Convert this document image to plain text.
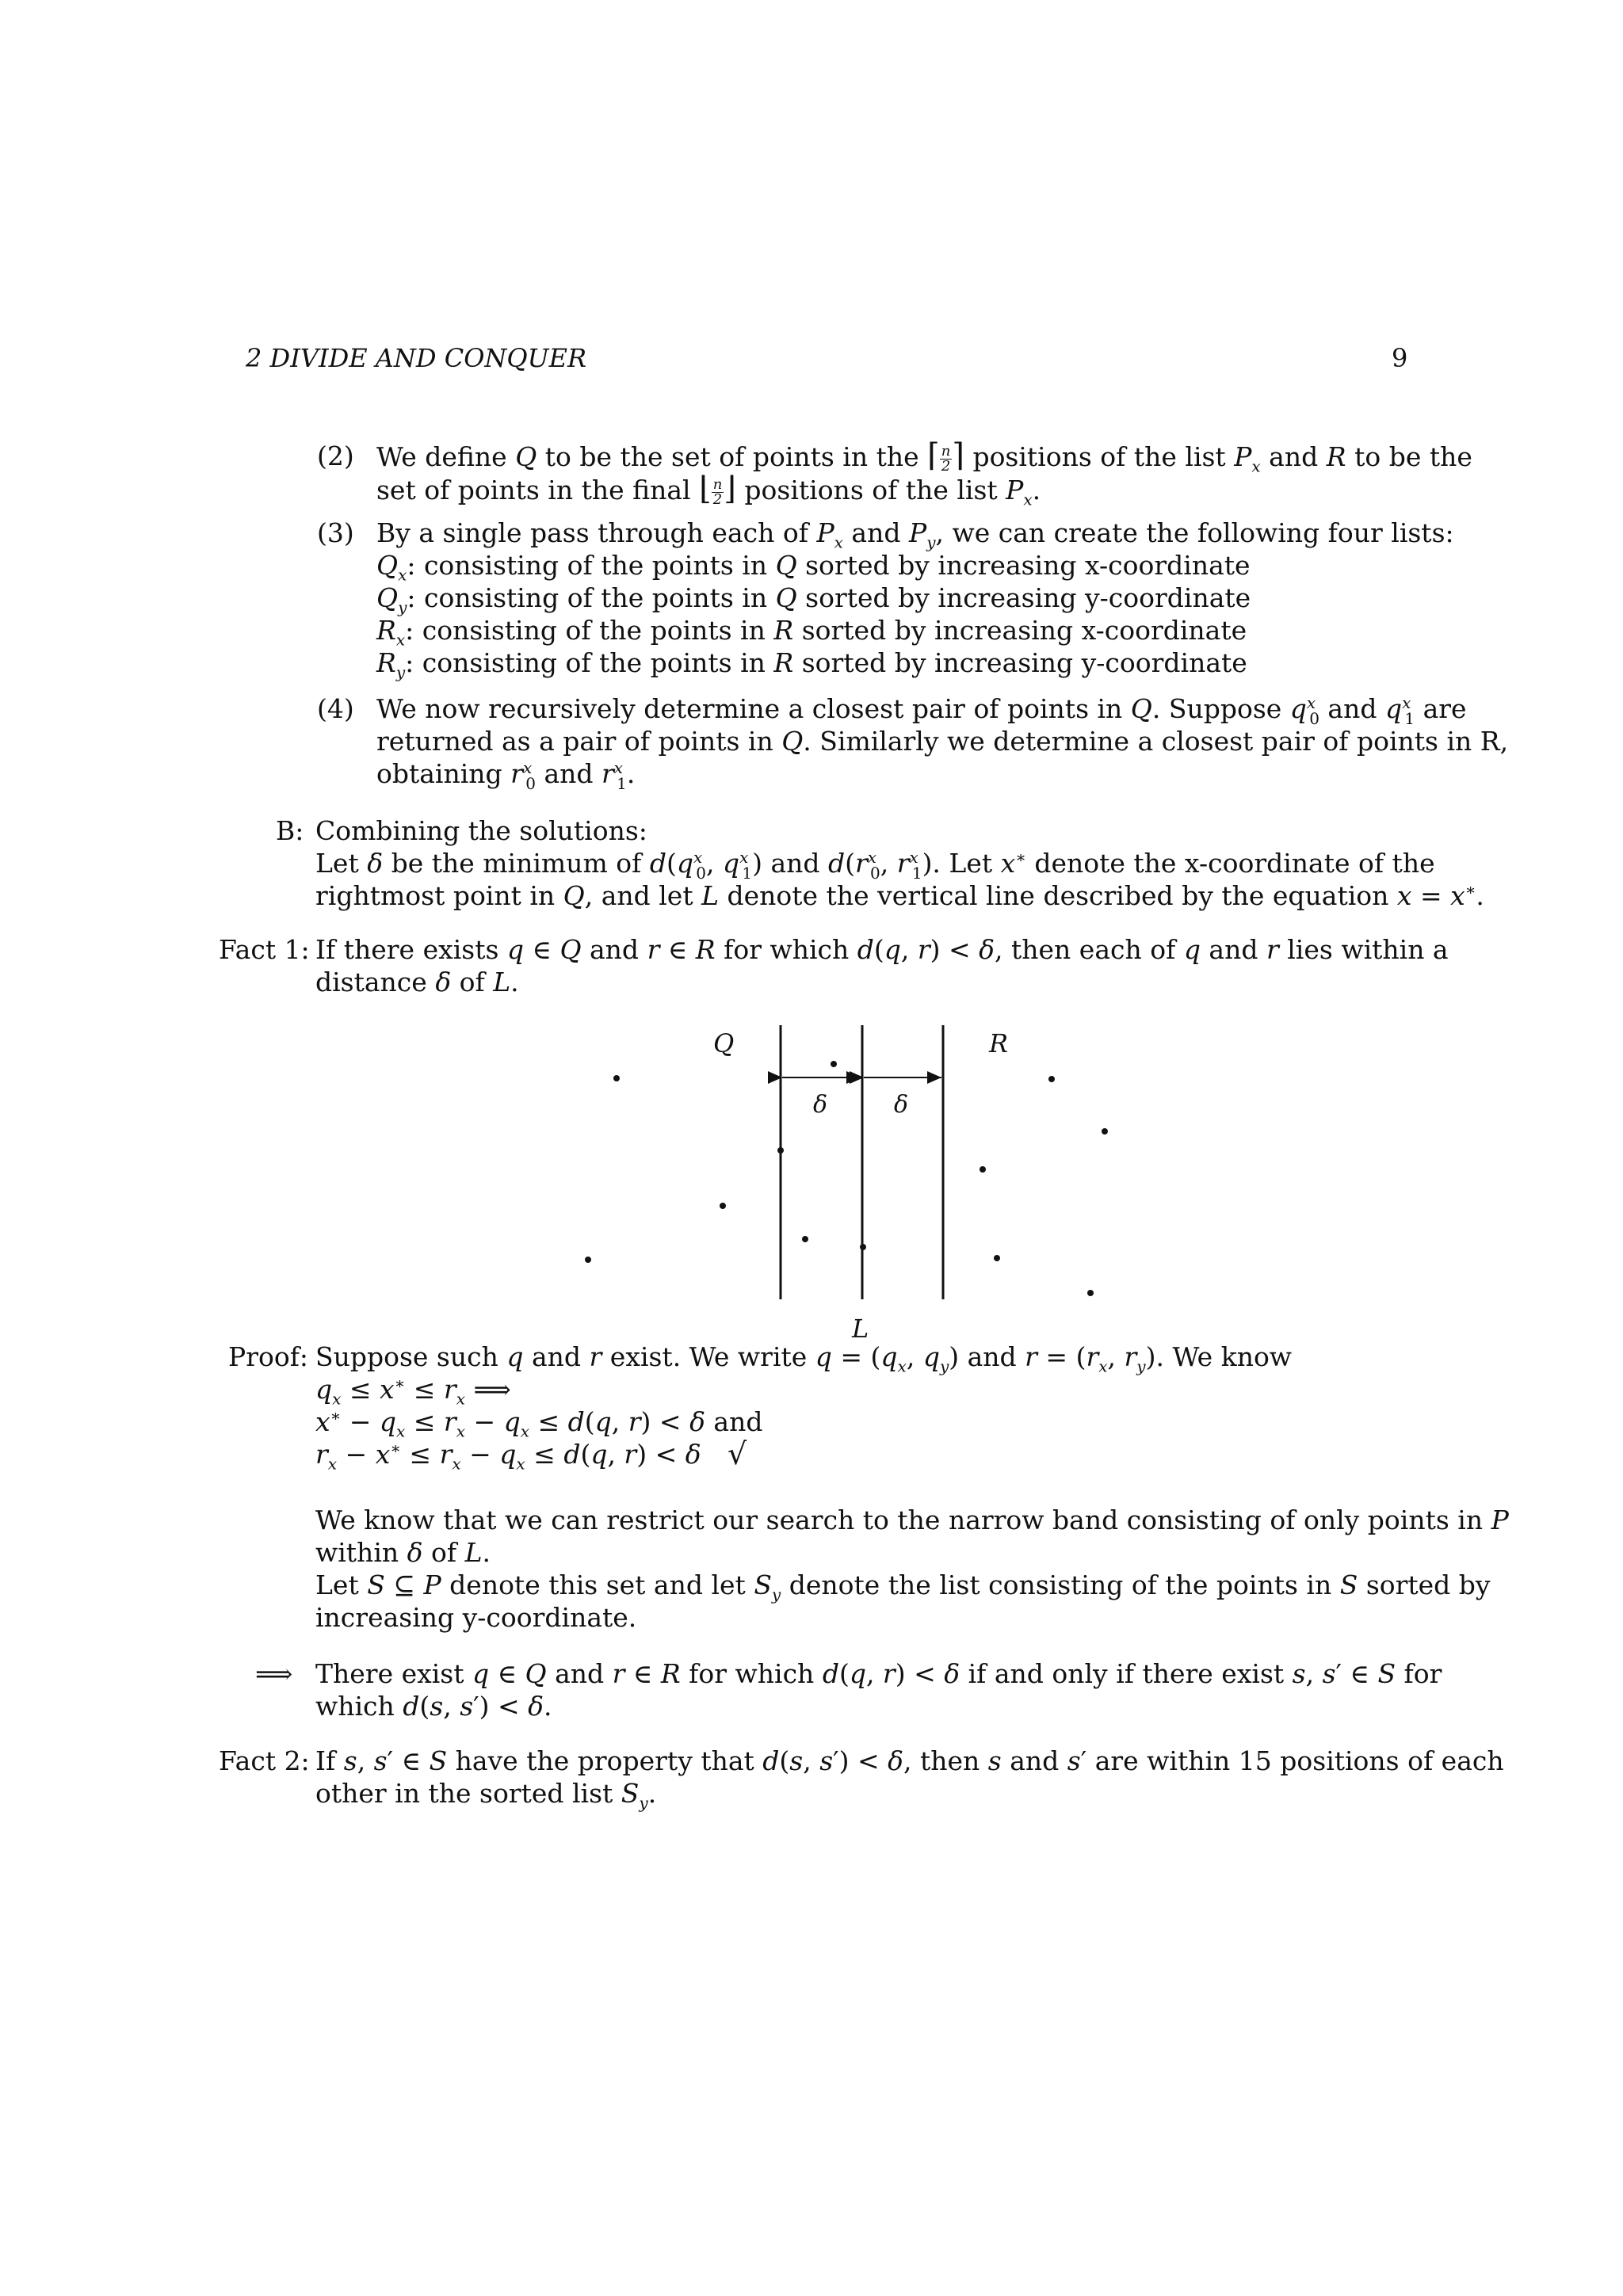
2 DIVIDE AND CONQUER	9
(2) We define Q to be the set of points in the ⌈ $\frac{n}{2}$ ⌉ positions of the list $P_x$ and R to be the
set of points in the final ⌊ $\frac{n}{2}$ ⌋ positions of the list $P_x$.
(3) By a single pass through each of $P_x$ and $P_y$, we can create the following four lists:
$Q_x$: consisting of the points in Q sorted by increasing x-coordinate
$Q_y$: consisting of the points in Q sorted by increasing y-coordinate
$R_x$: consisting of the points in R sorted by increasing x-coordinate
$R_y$: consisting of the points in R sorted by increasing y-coordinate
(4) We now recursively determine a closest pair of points in Q. Suppose $q^x_0$ and $q^x_1$ are
returned as a pair of points in Q. Similarly we determine a closest pair of points in R,
obtaining $r^x_0$ and $r^x_1$.
B: Combining the solutions:
Let δ be the minimum of $d(q^x_0$, $q^x_1$) and $d(r^x_0$, $r^x_1$). Let x∗ denote the x-coordinate of the
rightmost point in Q, and let L denote the vertical line described by the equation x = x∗.
Fact 1: If there exists q ∈ Q and r ∈ R for which d(q, r) < δ, then each of q and r lies within a
distance δ of L.
Q	R
δ	δ
L
Proof: Suppose such q and r exist. We write $q = (q_x$, $q_y$) and $r = (r_x$, $r_y$). We know
$q_x \le x^∗ \le r_x$ ⟹
$x^∗ - q_x \le r_x - q_x \le d(q$, r) < δ and
$r_x - x^∗ \le r_x - q_x \le d(q$, r) < δ √
We know that we can restrict our search to the narrow band consisting of only points in P
within δ of L.
Let S ⊆ P denote this set and let $S_y$ denote the list consisting of the points in S sorted by
increasing y-coordinate.
⟹ There exist q ∈ Q and r ∈ R for which d(q, r) < δ if and only if there exist s, s′ ∈ S for
which d(s, s′) < δ.
Fact 2: If s, s′ ∈ S have the property that d(s, s′) < δ, then s and s′ are within 15 positions of each
other in the sorted list $S_y$.
